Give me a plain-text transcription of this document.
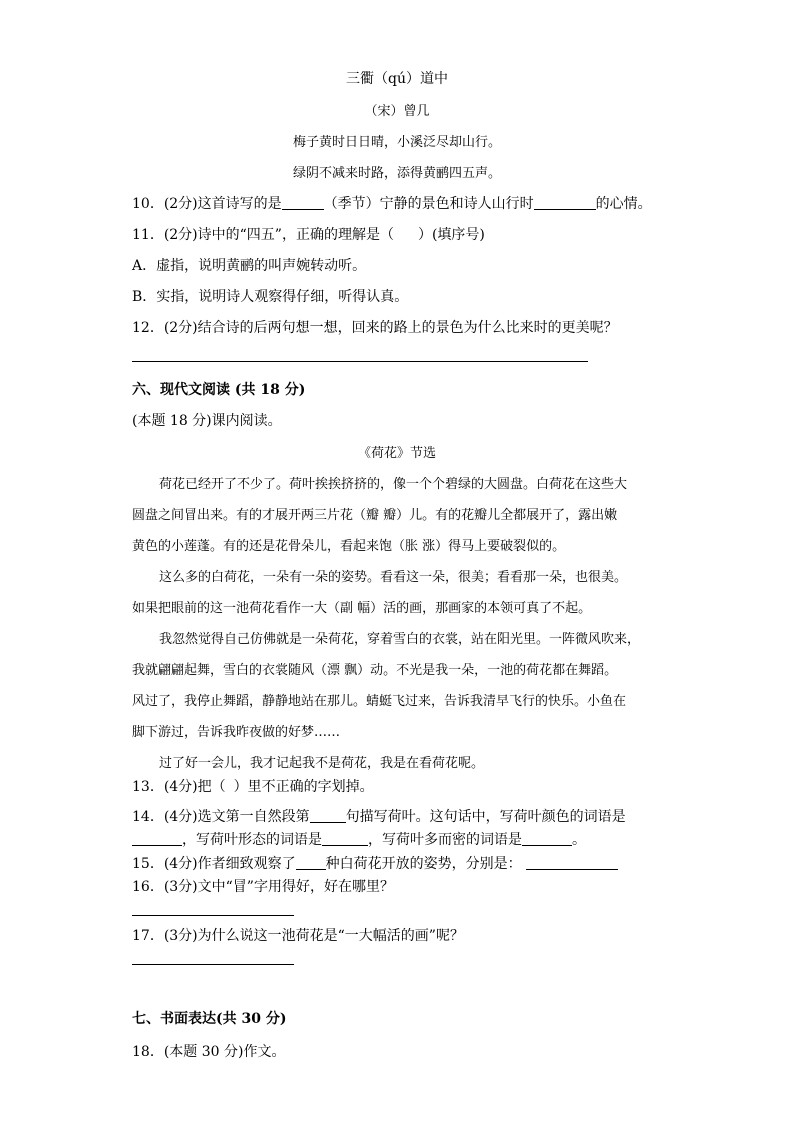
三衢（qú）道中
（宋）曾几
梅子黄时日日晴，小溪泛尽却山行。
绿阴不减来时路，添得黄鹂四五声。
10．(2分)这首诗写的是	（季节）宁静的景色和诗人山行时	的心情。
11．(2分)诗中的“四五”，正确的理解是（ ）(填序号)
A．虚指，说明黄鹂的叫声婉转动听。
B．实指，说明诗人观察得仔细，听得认真。
12．(2分)结合诗的后两句想一想，回来的路上的景色为什么比来时的更美呢？
六、现代文阅读 (共 18 分)
(本题 18 分)课内阅读。
《荷花》节选
荷花已经开了不少了。荷叶挨挨挤挤的，像一个个碧绿的大圆盘。白荷花在这些大
圆盘之间冒出来。有的才展开两三片花（瓣 瓣）儿。有的花瓣儿全都展开了，露出嫩
黄色的小莲蓬。有的还是花骨朵儿，看起来饱（胀 涨）得马上要破裂似的。
这么多的白荷花，一朵有一朵的姿势。看看这一朵，很美；看看那一朵，也很美。
如果把眼前的这一池荷花看作一大（副 幅）活的画，那画家的本领可真了不起。
我忽然觉得自己仿佛就是一朵荷花，穿着雪白的衣裳，站在阳光里。一阵微风吹来，
我就翩翩起舞，雪白的衣裳随风（漂 飘）动。不光是我一朵，一池的荷花都在舞蹈。
风过了，我停止舞蹈，静静地站在那儿。蜻蜓飞过来，告诉我清早飞行的快乐。小鱼在
脚下游过，告诉我昨夜做的好梦……
过了好一会儿，我才记起我不是荷花，我是在看荷花呢。
13．(4分)把（ ）里不正确的字划掉。
14．(4分)选文第一自然段第	句描写荷叶。这句话中，写荷叶颜色的词语是
，写荷叶形态的词语是	，写荷叶多而密的词语是	。
15．(4分)作者细致观察了 种白荷花开放的姿势，分别是：
16．(3分)文中“冒”字用得好，好在哪里？
17．(3分)为什么说这一池荷花是“一大幅活的画”呢？
七、书面表达(共 30 分)
18．(本题 30 分)作文。
